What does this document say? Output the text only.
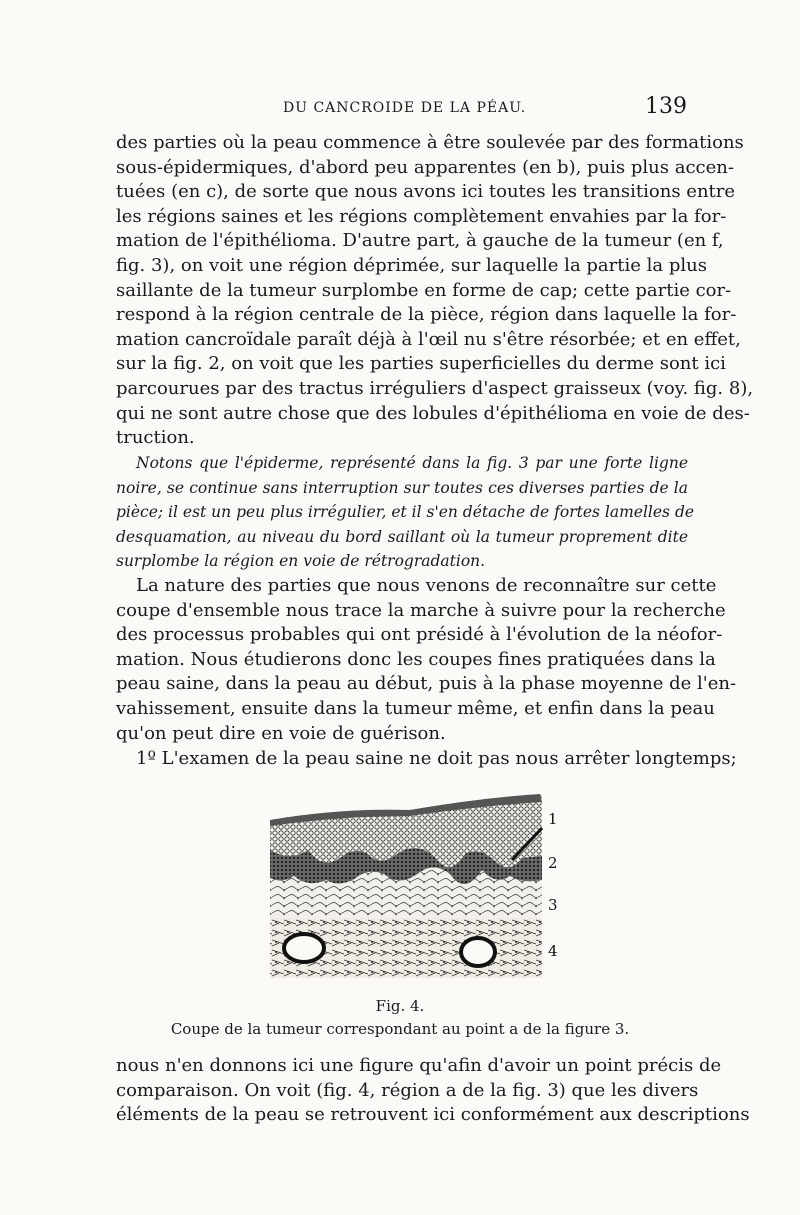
DU CANCROIDE DE LA PÉAU.	139
des parties où la peau commence à être soulevée par des formations
sous-épidermiques, d'abord peu apparentes (en b), puis plus accen-
tuées (en c), de sorte que nous avons ici toutes les transitions entre
les régions saines et les régions complètement envahies par la for-
mation de l'épithélioma. D'autre part, à gauche de la tumeur (en f,
fig. 3), on voit une région déprimée, sur laquelle la partie la plus
saillante de la tumeur surplombe en forme de cap; cette partie cor-
respond à la région centrale de la pièce, région dans laquelle la for-
mation cancroïdale paraît déjà à l'œil nu s'être résorbée; et en effet,
sur la fig. 2, on voit que les parties superficielles du derme sont ici
parcourues par des tractus irréguliers d'aspect graisseux (voy. fig. 8),
qui ne sont autre chose que des lobules d'épithélioma en voie de des-
truction.
Notons que l'épiderme, représenté dans la fig. 3 par une forte ligne
noire, se continue sans interruption sur toutes ces diverses parties de la
pièce; il est un peu plus irrégulier, et il s'en détache de fortes lamelles de
desquamation, au niveau du bord saillant où la tumeur proprement dite
surplombe la région en voie de rétrogradation.
La nature des parties que nous venons de reconnaître sur cette
coupe d'ensemble nous trace la marche à suivre pour la recherche
des processus probables qui ont présidé à l'évolution de la néofor-
mation. Nous étudierons donc les coupes fines pratiquées dans la
peau saine, dans la peau au début, puis à la phase moyenne de l'en-
vahissement, ensuite dans la tumeur même, et enfin dans la peau
qu'on peut dire en voie de guérison.
1º L'examen de la peau saine ne doit pas nous arrêter longtemps;
1
2
3
4
Fig. 4.
Coupe de la tumeur correspondant au point a de la figure 3.
nous n'en donnons ici une figure qu'afin d'avoir un point précis de
comparaison. On voit (fig. 4, région a de la fig. 3) que les divers
éléments de la peau se retrouvent ici conformément aux descriptions
